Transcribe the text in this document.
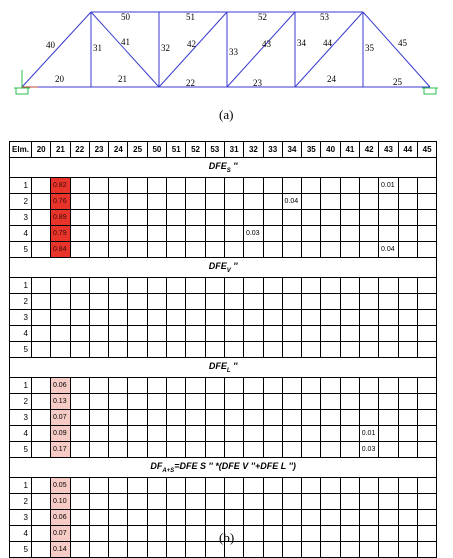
50	51	52	53
40	41	42	43	44	45
31	32	33
34	35
20	21	22	23	24	25
(a)
Elm.	20	21	22	23	24	25	50	51	52	53	31	32	33	34	35	40	41	42	43	44	45
$DFE_S$ ''																					
1		0.82																	0.01		
2		0.76												0.04							
3		0.89																			
4		0.79										0.03									
5		0.84																	0.04		
$DFE_V$ ''																					
1																					
2																					
3																					
4																					
5																					
$DFE_L$ ''																					
1		0.06																			
2		0.13																			
3		0.07																			
4		0.09																0.01			
5		0.17																0.03			
$DF_{A+S}=DFE$ S '' *(DFE V ''+DFE L '')																					
1		0.05																			
2		0.10																			
3		0.06																			
4		0.07																			
5		0.14																			
(b)
